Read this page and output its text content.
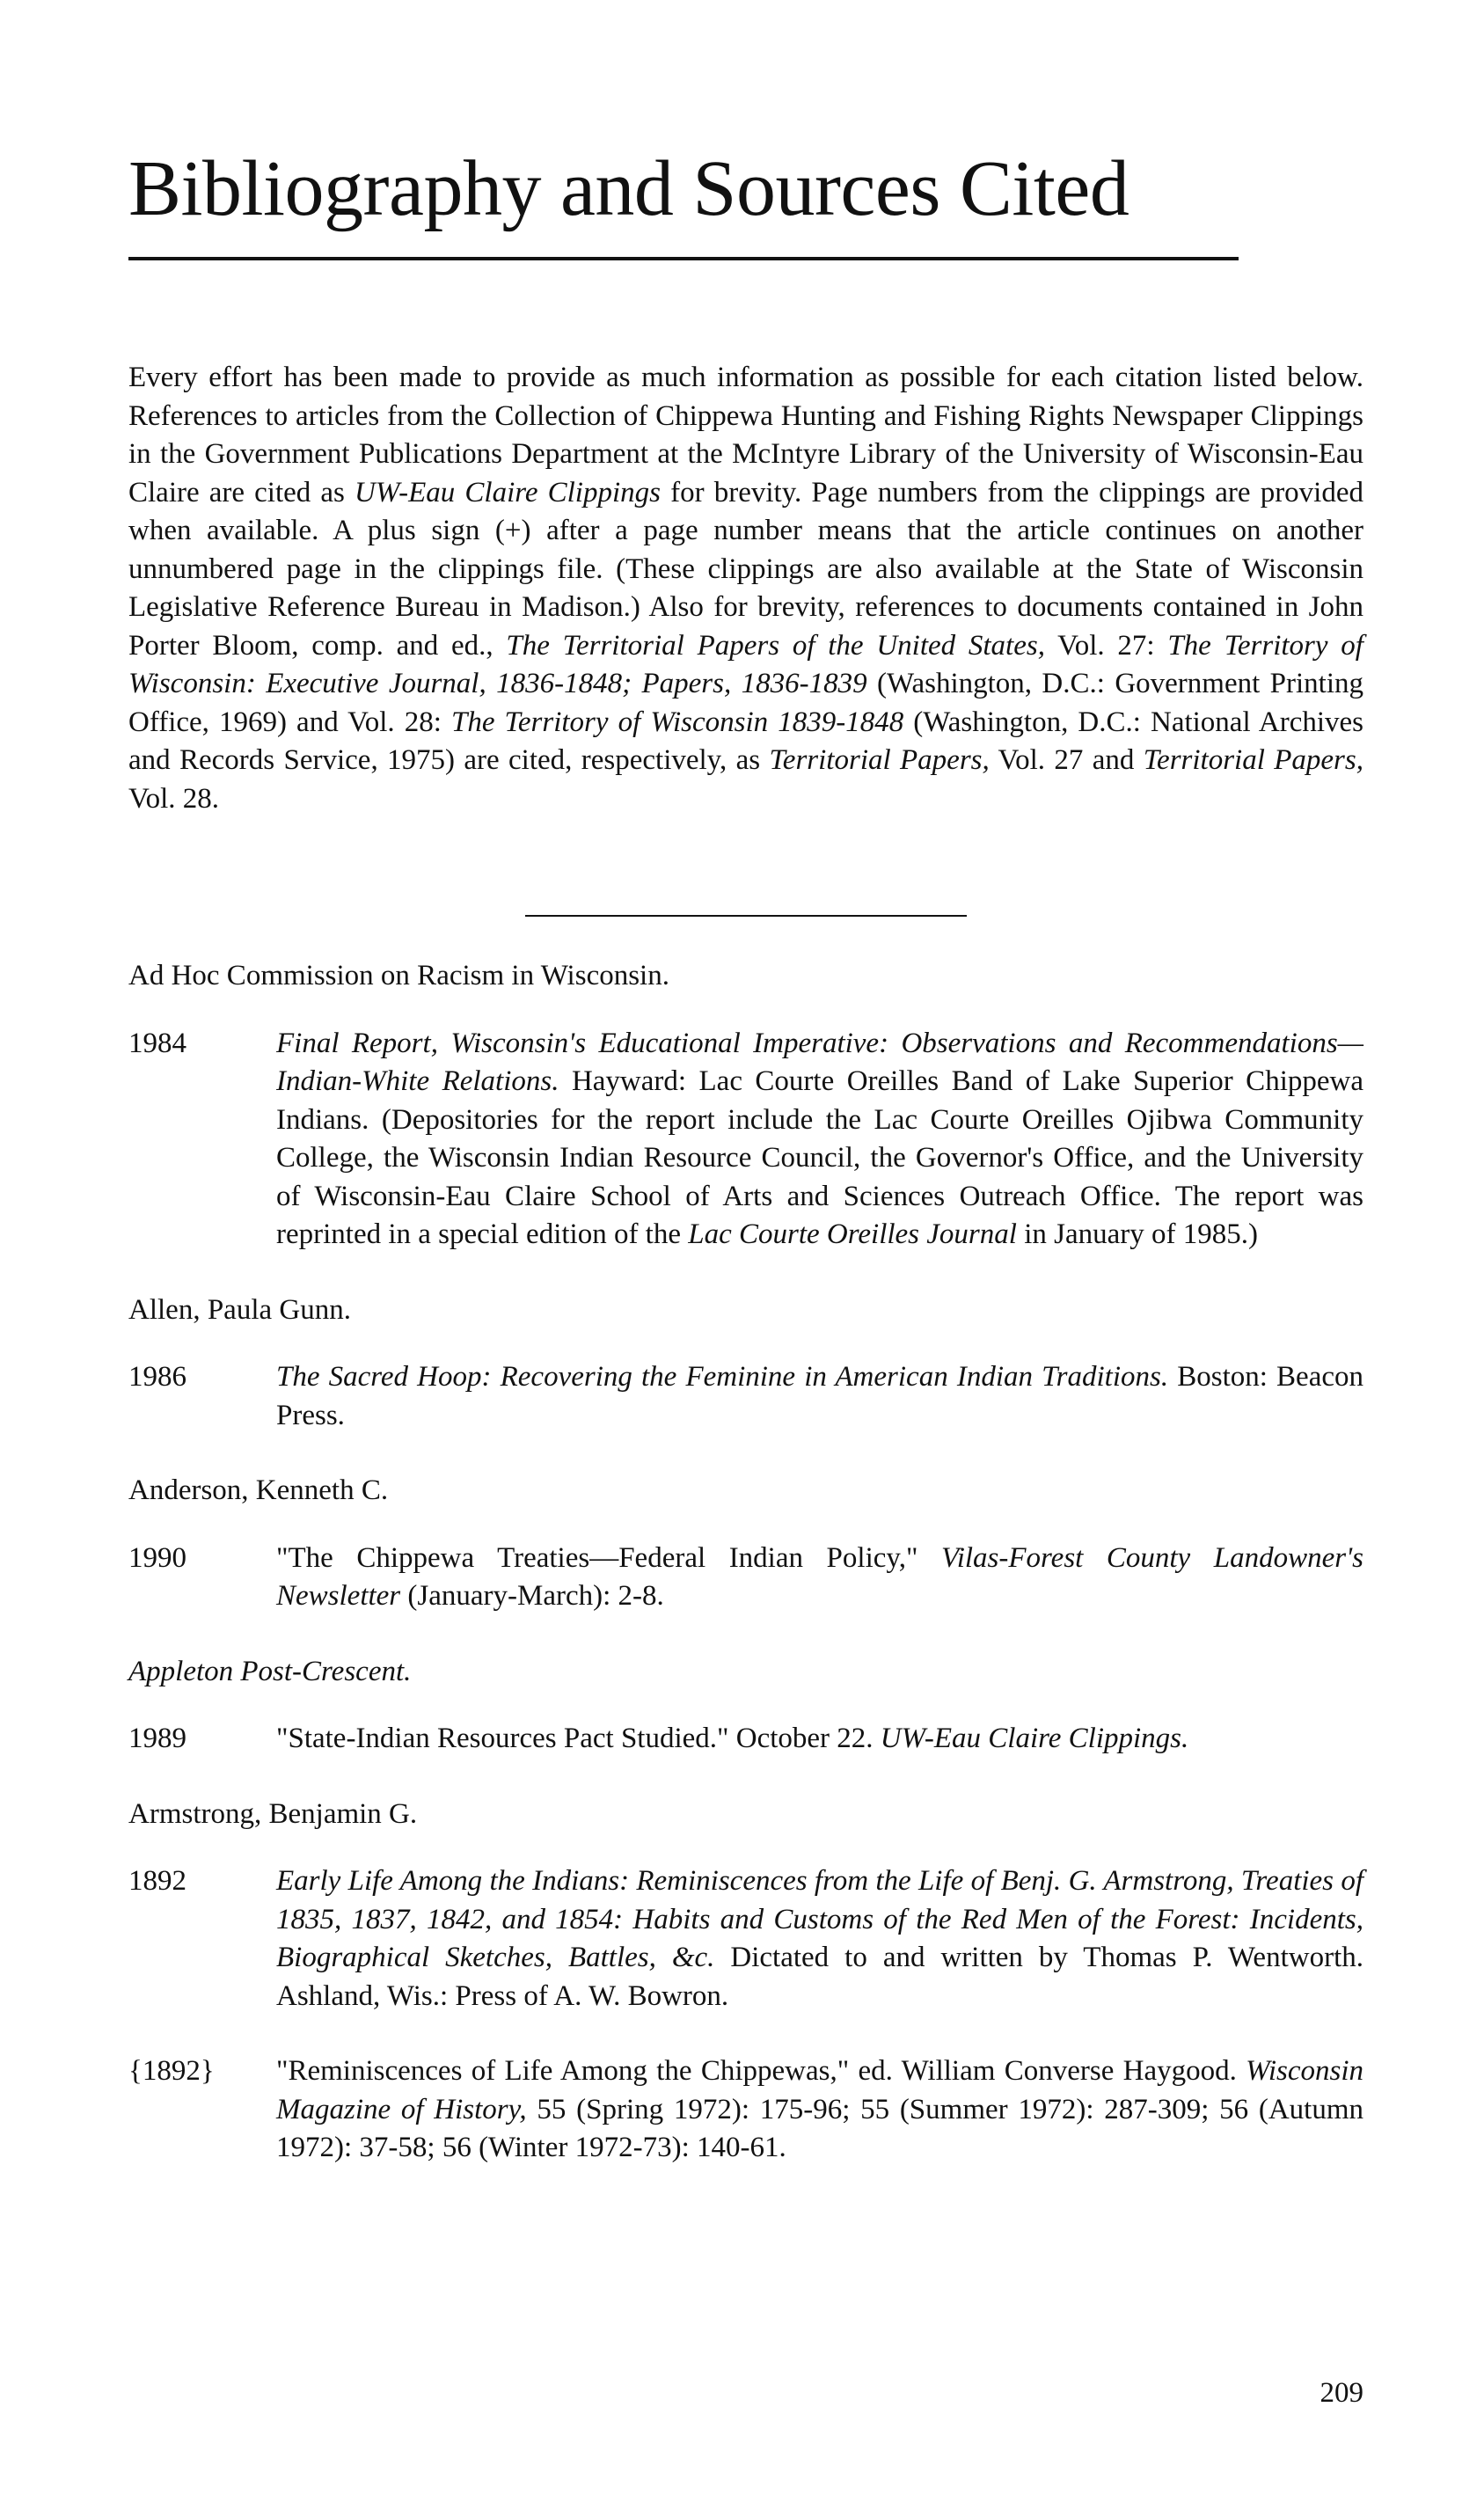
Bibliography and Sources Cited

Every effort has been made to provide as much information as possible for each citation listed below. References to articles from the Collection of Chippewa Hunting and Fishing Rights Newspaper Clippings in the Government Publications Department at the McIntyre Library of the University of Wisconsin-Eau Claire are cited as UW-Eau Claire Clippings for brevity. Page numbers from the clippings are provided when available. A plus sign (+) after a page number means that the article continues on another unnumbered page in the clippings file. (These clippings are also available at the State of Wisconsin Legislative Reference Bureau in Madison.) Also for brevity, references to documents contained in John Porter Bloom, comp. and ed., The Territorial Papers of the United States, Vol. 27: The Territory of Wisconsin: Executive Journal, 1836-1848; Papers, 1836-1839 (Washington, D.C.: Government Printing Office, 1969) and Vol. 28: The Territory of Wisconsin 1839-1848 (Washington, D.C.: National Archives and Records Service, 1975) are cited, respectively, as Territorial Papers, Vol. 27 and Territorial Papers, Vol. 28.

Ad Hoc Commission on Racism in Wisconsin.

1984	Final Report, Wisconsin's Educational Imperative: Observations and Recommendations—Indian-White Relations. Hayward: Lac Courte Oreilles Band of Lake Superior Chippewa Indians. (Depositories for the report include the Lac Courte Oreilles Ojibwa Community College, the Wisconsin Indian Resource Council, the Governor's Office, and the University of Wisconsin-Eau Claire School of Arts and Sciences Outreach Office. The report was reprinted in a special edition of the Lac Courte Oreilles Journal in January of 1985.)

Allen, Paula Gunn.

1986	The Sacred Hoop: Recovering the Feminine in American Indian Traditions. Boston: Beacon Press.

Anderson, Kenneth C.

1990	"The Chippewa Treaties—Federal Indian Policy," Vilas-Forest County Landowner's Newsletter (January-March): 2-8.

Appleton Post-Crescent.

1989	"State-Indian Resources Pact Studied." October 22. UW-Eau Claire Clippings.

Armstrong, Benjamin G.

1892	Early Life Among the Indians: Reminiscences from the Life of Benj. G. Armstrong, Treaties of 1835, 1837, 1842, and 1854: Habits and Customs of the Red Men of the Forest: Incidents, Biographical Sketches, Battles, &c. Dictated to and written by Thomas P. Wentworth. Ashland, Wis.: Press of A. W. Bowron.
{1892}	"Reminiscences of Life Among the Chippewas," ed. William Converse Haygood. Wisconsin Magazine of History, 55 (Spring 1972): 175-96; 55 (Summer 1972): 287-309; 56 (Autumn 1972): 37-58; 56 (Winter 1972-73): 140-61.
209
